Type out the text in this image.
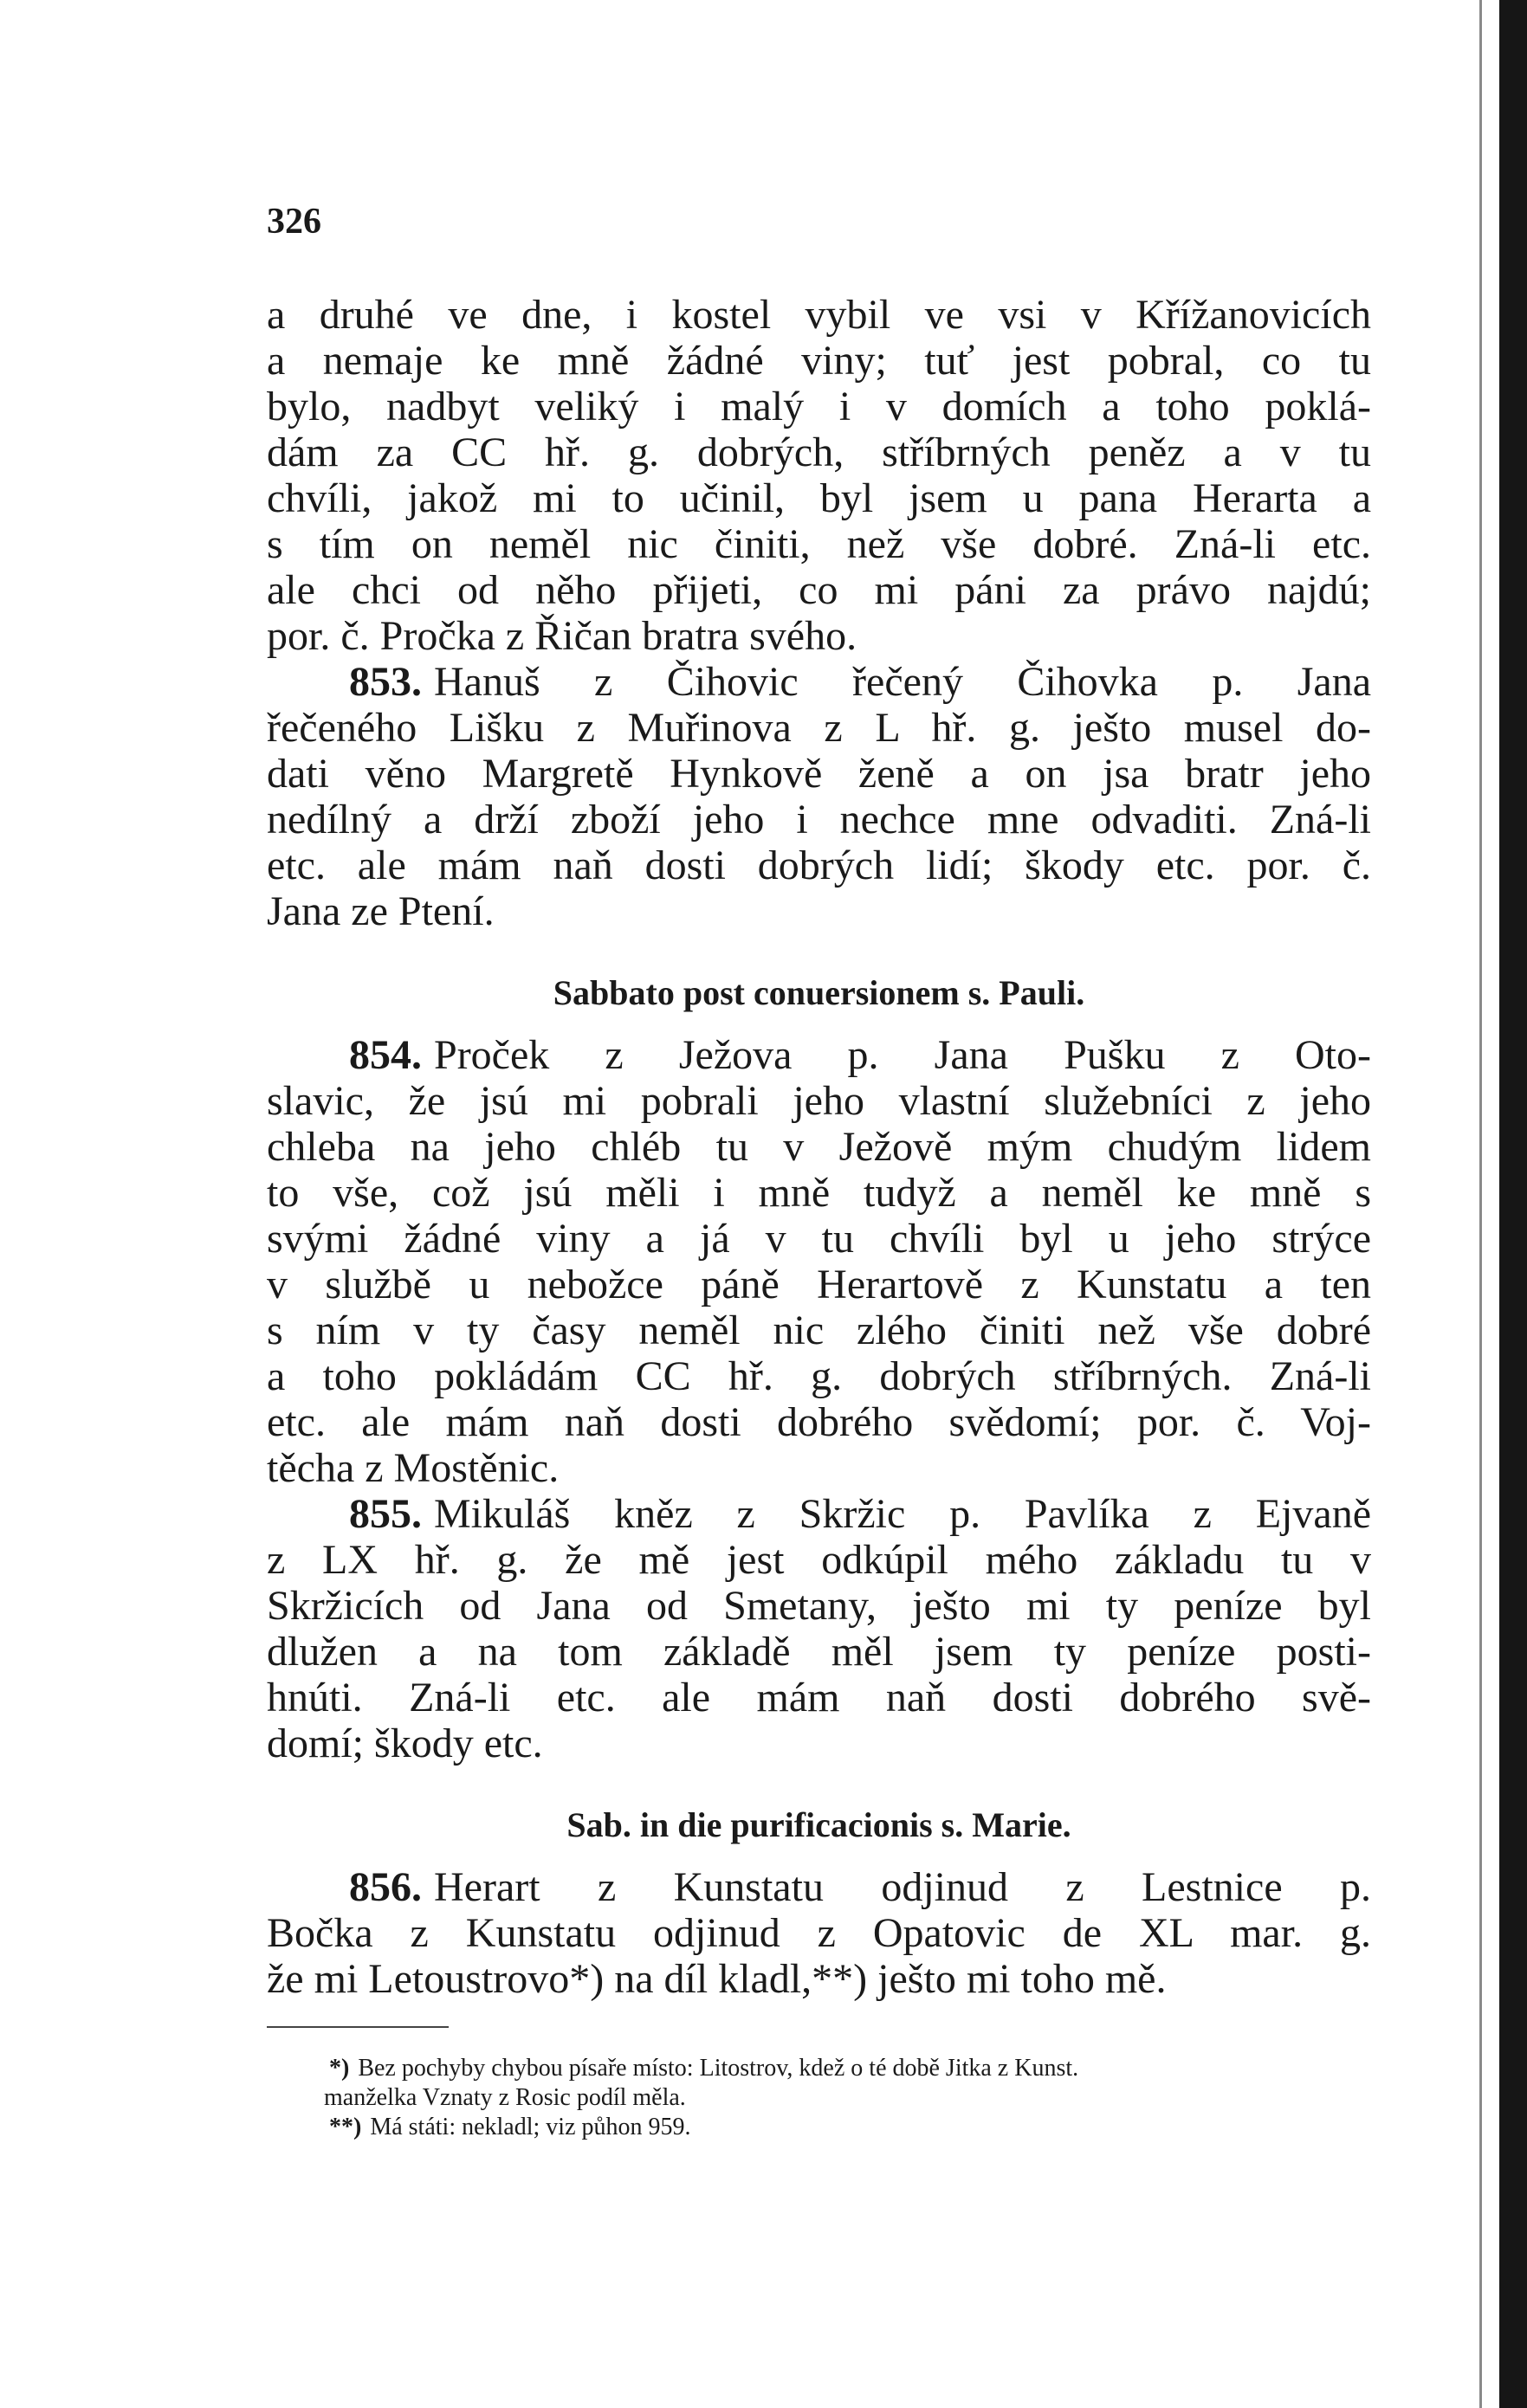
326
a druhé ve dne, i kostel vybil ve vsi v Křížanovicích
a nemaje ke mně žádné viny; tuť jest pobral, co tu
bylo, nadbyt veliký i malý i v domích a toho poklá-
dám za CC hř. g. dobrých, stříbrných peněz a v tu
chvíli, jakož mi to učinil, byl jsem u pana Herarta a
s tím on neměl nic činiti, než vše dobré. Zná-li etc.
ale chci od něho přijeti, co mi páni za právo najdú;
por. č. Pročka z Řičan bratra svého.
853. Hanuš z Čihovic řečený Čihovka p. Jana
řečeného Lišku z Muřinova z L hř. g. ješto musel do-
dati věno Margretě Hynkově ženě a on jsa bratr jeho
nedílný a drží zboží jeho i nechce mne odvaditi. Zná-li
etc. ale mám naň dosti dobrých lidí; škody etc. por. č.
Jana ze Ptení.
Sabbato post conuersionem s. Pauli.
854. Proček z Ježova p. Jana Pušku z Oto-
slavic, že jsú mi pobrali jeho vlastní služebníci z jeho
chleba na jeho chléb tu v Ježově mým chudým lidem
to vše, což jsú měli i mně tudyž a neměl ke mně s
svými žádné viny a já v tu chvíli byl u jeho strýce
v službě u nebožce páně Herartově z Kunstatu a ten
s ním v ty časy neměl nic zlého činiti než vše dobré
a toho pokládám CC hř. g. dobrých stříbrných. Zná-li
etc. ale mám naň dosti dobrého svědomí; por. č. Voj-
těcha z Mostěnic.
855. Mikuláš kněz z Skržic p. Pavlíka z Ejvaně
z LX hř. g. že mě jest odkúpil mého základu tu v
Skržicích od Jana od Smetany, ješto mi ty peníze byl
dlužen a na tom základě měl jsem ty peníze posti-
hnúti. Zná-li etc. ale mám naň dosti dobrého svě-
domí; škody etc.
Sab. in die purificacionis s. Marie.
856. Herart z Kunstatu odjinud z Lestnice p.
Bočka z Kunstatu odjinud z Opatovic de XL mar. g.
že mi Letoustrovo*) na díl kladl,**) ješto mi toho mě.
*) Bez pochyby chybou písaře místo: Litostrov, kdež o té době Jitka z Kunst.
manželka Vznaty z Rosic podíl měla.
**) Má státi: nekladl; viz půhon 959.
